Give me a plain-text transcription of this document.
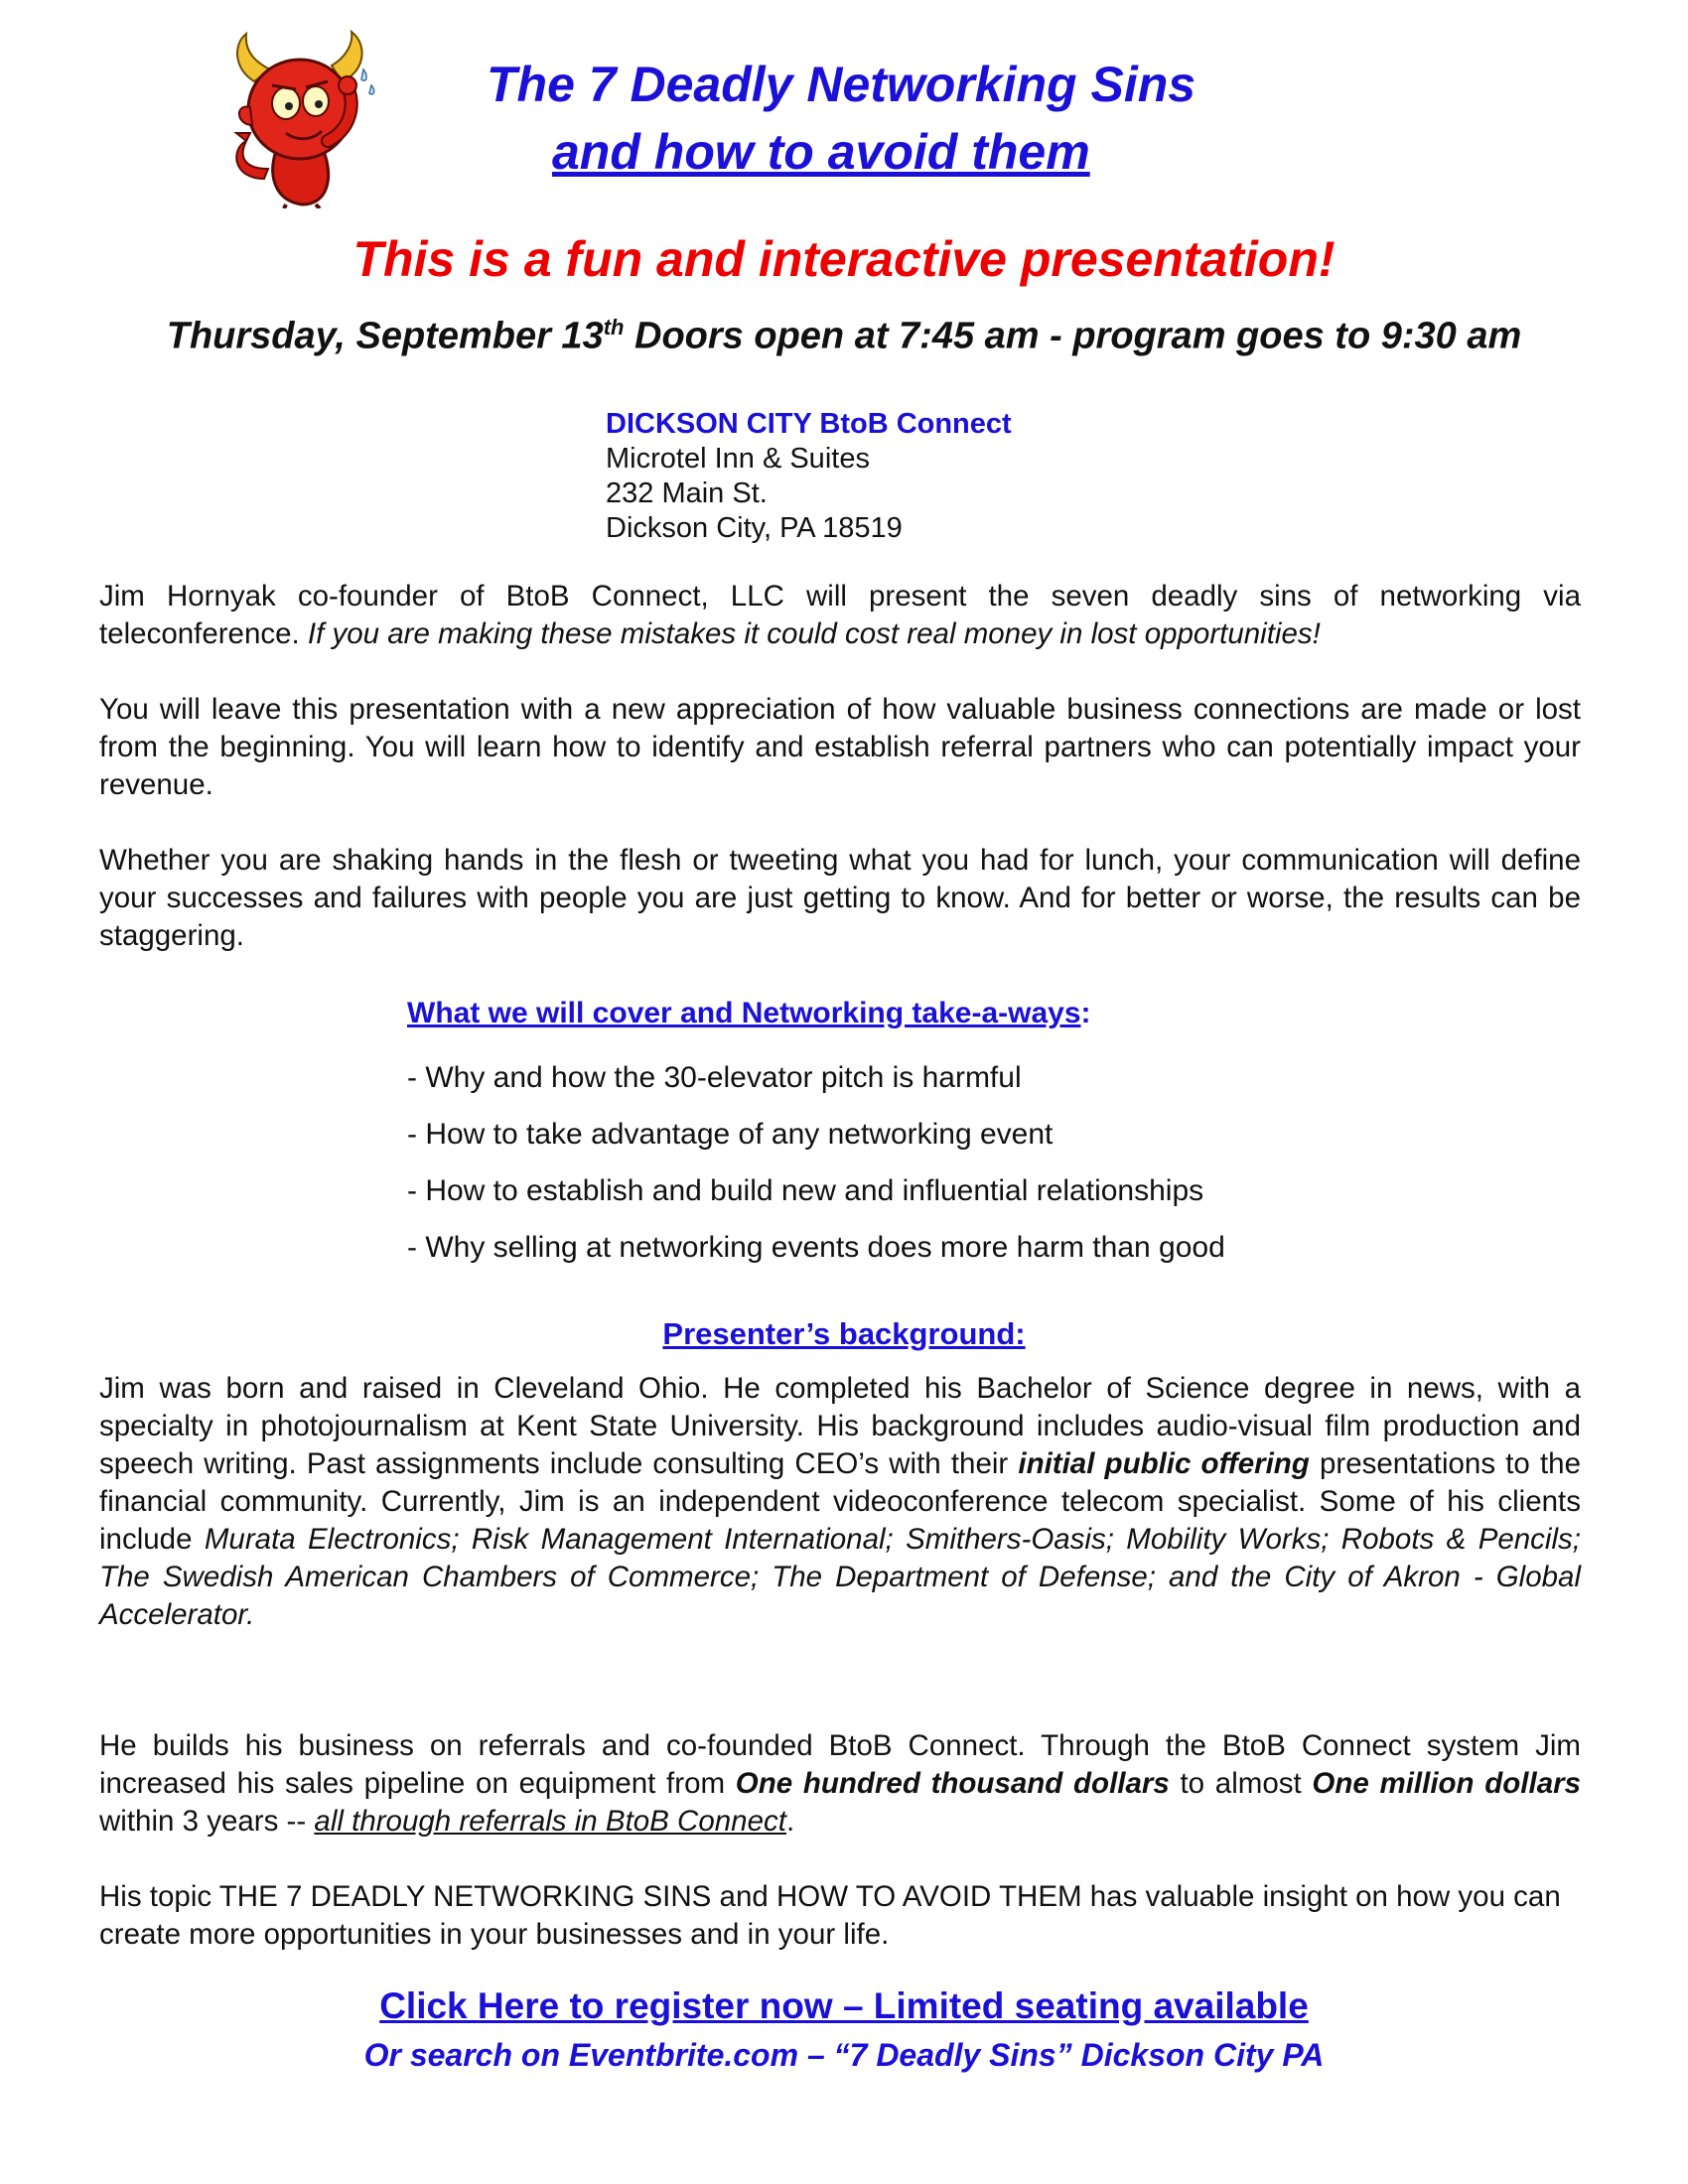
The 7 Deadly Networking Sins
and how to avoid them
This is a fun and interactive presentation!
Thursday, September 13th Doors open at 7:45 am - program goes to 9:30 am
DICKSON CITY BtoB Connect
Microtel Inn & Suites
232 Main St.
Dickson City, PA 18519
Jim Hornyak co-founder of BtoB Connect, LLC will present the seven deadly sins of networking via teleconference. If you are making these mistakes it could cost real money in lost opportunities!
You will leave this presentation with a new appreciation of how valuable business connections are made or lost from the beginning. You will learn how to identify and establish referral partners who can potentially impact your revenue.
Whether you are shaking hands in the flesh or tweeting what you had for lunch, your communication will define your successes and failures with people you are just getting to know. And for better or worse, the results can be staggering.
What we will cover and Networking take-a-ways:
- Why and how the 30-elevator pitch is harmful
- How to take advantage of any networking event
- How to establish and build new and influential relationships
- Why selling at networking events does more harm than good
Presenter’s background:
Jim was born and raised in Cleveland Ohio. He completed his Bachelor of Science degree in news, with a specialty in photojournalism at Kent State University. His background includes audio-visual film production and speech writing. Past assignments include consulting CEO’s with their initial public offering presentations to the financial community. Currently, Jim is an independent videoconference telecom specialist. Some of his clients include Murata Electronics; Risk Management International; Smithers-Oasis; Mobility Works; Robots & Pencils; The Swedish American Chambers of Commerce; The Department of Defense; and the City of Akron - Global Accelerator.
He builds his business on referrals and co-founded BtoB Connect. Through the BtoB Connect system Jim increased his sales pipeline on equipment from One hundred thousand dollars to almost One million dollars within 3 years -- all through referrals in BtoB Connect.
His topic THE 7 DEADLY NETWORKING SINS and HOW TO AVOID THEM has valuable insight on how you can create more opportunities in your businesses and in your life.
Click Here to register now – Limited seating available
Or search on Eventbrite.com – “7 Deadly Sins” Dickson City PA
